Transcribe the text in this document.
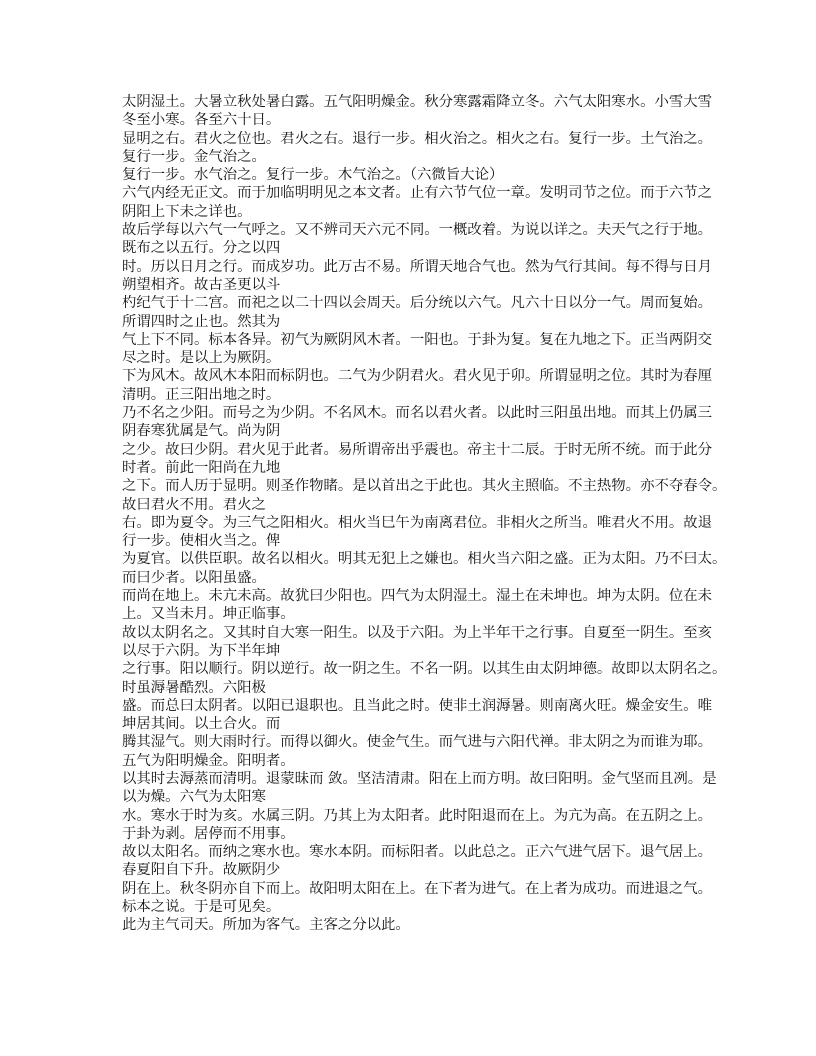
太阴湿土。大暑立秋处暑白露。五气阳明燥金。秋分寒露霜降立冬。六气太阳寒水。小雪大雪
冬至小寒。各至六十日。
显明之右。君火之位也。君火之右。退行一步。相火治之。相火之右。复行一步。土气治之。
复行一步。金气治之。
复行一步。水气治之。复行一步。木气治之。（六微旨大论）
六气内经无正文。而于加临明明见之本文者。止有六节气位一章。发明司节之位。而于六节之
阴阳上下未之详也。
故后学每以六气一气呼之。又不辨司天六元不同。一概改着。为说以详之。夫天气之行于地。
既布之以五行。分之以四
时。历以日月之行。而成岁功。此万古不易。所谓天地合气也。然为气行其间。每不得与日月
朔望相齐。故古圣更以斗
杓纪气于十二宫。而祀之以二十四以会周天。后分统以六气。凡六十日以分一气。周而复始。
所谓四时之止也。然其为
气上下不同。标本各异。初气为厥阴风木者。一阳也。于卦为复。复在九地之下。正当两阴交
尽之时。是以上为厥阴。
下为风木。故风木本阳而标阴也。二气为少阴君火。君火见于卯。所谓显明之位。其时为春厘
清明。正三阳出地之时。
乃不名之少阳。而号之为少阴。不名风木。而名以君火者。以此时三阳虽出地。而其上仍属三
阴春寒犹属是气。尚为阴
之少。故曰少阴。君火见于此者。易所谓帝出乎震也。帝主十二辰。于时无所不统。而于此分
时者。前此一阳尚在九地
之下。而人历于显明。则圣作物睹。是以首出之于此也。其火主照临。不主热物。亦不夺春令。
故曰君火不用。君火之
右。即为夏令。为三气之阳相火。相火当巳午为南离君位。非相火之所当。唯君火不用。故退
行一步。使相火当之。俾
为夏官。以供臣职。故名以相火。明其无犯上之嫌也。相火当六阳之盛。正为太阳。乃不曰太。
而曰少者。以阳虽盛。
而尚在地上。未亢未高。故犹曰少阳也。四气为太阴湿土。湿土在未坤也。坤为太阴。位在未
上。又当未月。坤正临事。
故以太阴名之。又其时自大寒一阳生。以及于六阳。为上半年干之行事。自夏至一阴生。至亥
以尽于六阴。为下半年坤
之行事。阳以顺行。阴以逆行。故一阴之生。不名一阴。以其生由太阴坤德。故即以太阴名之。
时虽溽暑酷烈。六阳极
盛。而总曰太阴者。以阳已退职也。且当此之时。使非土润溽暑。则南离火旺。燥金安生。唯
坤居其间。以土合火。而
腾其湿气。则大雨时行。而得以御火。使金气生。而气进与六阳代禅。非太阴之为而谁为耶。
五气为阳明燥金。阳明者。
以其时去溽蒸而清明。退蒙昧而 敛。坚洁清肃。阳在上而方明。故曰阳明。金气坚而且冽。是
以为燥。六气为太阳寒
水。寒水于时为亥。水属三阴。乃其上为太阳者。此时阳退而在上。为亢为高。在五阴之上。
于卦为剥。居停而不用事。
故以太阳名。而纳之寒水也。寒水本阴。而标阳者。以此总之。正六气进气居下。退气居上。
春夏阳自下升。故厥阴少
阴在上。秋冬阴亦自下而上。故阳明太阳在上。在下者为进气。在上者为成功。而进退之气。
标本之说。于是可见矣。
此为主气司天。所加为客气。主客之分以此。
